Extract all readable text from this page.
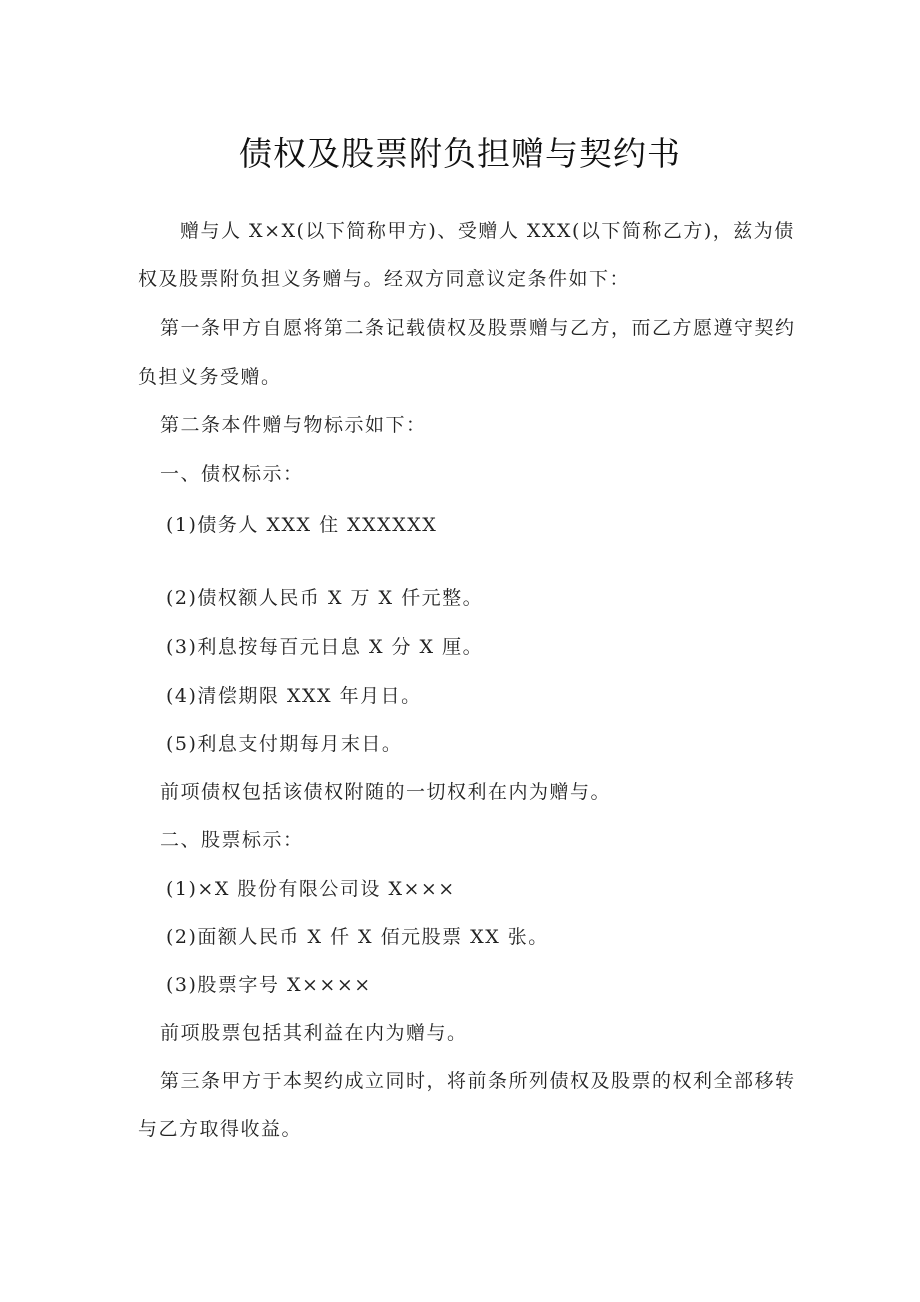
债权及股票附负担赠与契约书
赠与人 X×X(以下简称甲方)、受赠人 XXX(以下简称乙方)，兹为债
权及股票附负担义务赠与。经双方同意议定条件如下：
第一条甲方自愿将第二条记载债权及股票赠与乙方，而乙方愿遵守契约
负担义务受赠。
第二条本件赠与物标示如下：
一、债权标示：
(1)债务人 XXX 住 XXXXXX
(2)债权额人民币 X 万 X 仟元整。
(3)利息按每百元日息 X 分 X 厘。
(4)清偿期限 XXX 年月日。
(5)利息支付期每月末日。
前项债权包括该债权附随的一切权利在内为赠与。
二、股票标示：
(1)×X 股份有限公司设 X×××
(2)面额人民币 X 仟 X 佰元股票 XX 张。
(3)股票字号 X××××
前项股票包括其利益在内为赠与。
第三条甲方于本契约成立同时，将前条所列债权及股票的权利全部移转
与乙方取得收益。
